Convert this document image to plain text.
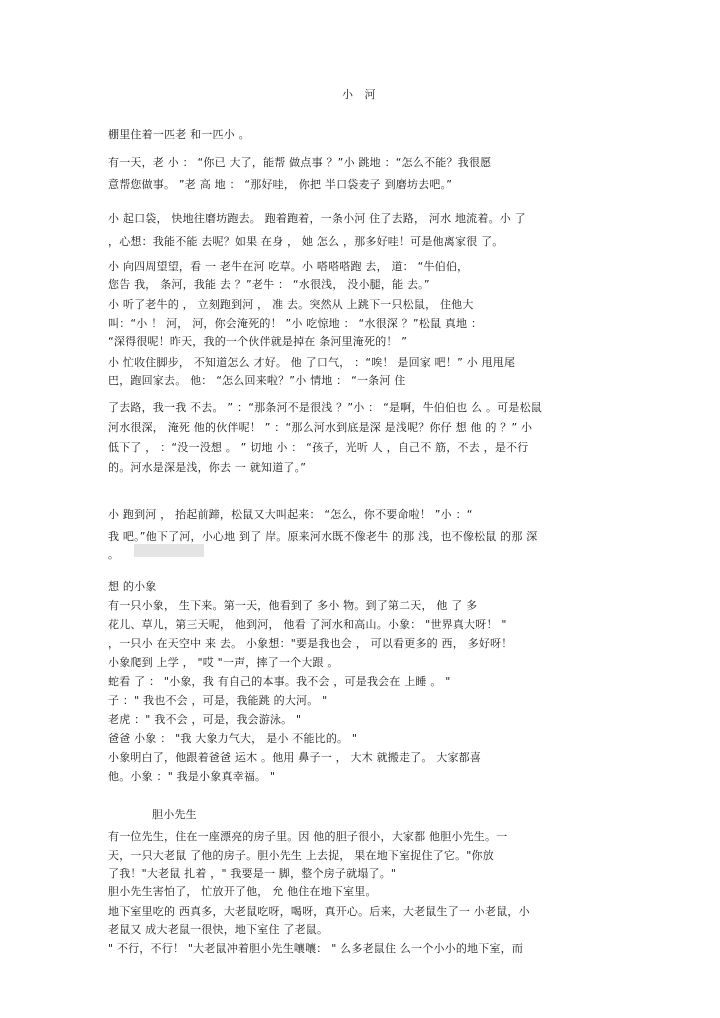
小 河
棚里住着一匹老 和一匹小 。
有一天，老 小 ： “你已 大了，能帮 做点事 ？”小 跳地 ：“怎么不能？我很愿
意帮您做事。 ”老 高 地 ： “那好哇， 你把 半口袋麦子 到磨坊去吧。”
小 起口袋， 快地往磨坊跑去。 跑着跑着，一条小河 住了去路， 河水 地流着。小 了
，心想：我能不能 去呢？如果 在身 ， 她 怎么 ，那多好哇！可是他离家很 了。
小 向四周望望，看 一 老牛在河 吃草。小 嗒嗒嗒跑 去， 道： “牛伯伯，
您告 我， 条河，我能 去 ？”老牛 ： “水很浅， 没小腿，能 去。”
小 听了老牛的 ， 立刻跑到河 ， 准 去。突然从 上跳下一只松鼠， 住他大
叫：“小 ！ 河， 河，你会淹死的！ ”小 吃惊地 ： “水很深 ？”松鼠 真地 ：
“深得很呢！昨天，我的一个伙伴就是掉在 条河里淹死的！ ”
小 忙收住脚步， 不知道怎么 才好。 他 了口气， ：“唉！ 是回家 吧！” 小 甩甩尾
巴，跑回家去。 他： “怎么回来啦？”小 情地 ： “一条河 住
了去路，我一我 不去。 ” ：“那条河不是很浅 ？”小 ： “是啊，牛伯伯也 么 。可是松鼠
河水很深， 淹死 他的伙伴呢！ ” ：“那么河水到底是深 是浅呢？你仔 想 他 的 ？” 小
低下了 ， ：“没一没想 。 ” 切地 小 ： “孩子，光听 人 ，自己不 筋，不去 ，是不行
的。河水是深是浅，你去 一 就知道了。”
小 跑到河 ， 抬起前蹄，松鼠又大叫起来： “怎么，你不要命啦！ ”小 ：“
我 吧。”他下了河，小心地 到了 岸。原来河水既不像老牛 的那 浅，也不像松鼠 的那 深
。
想 的小象
有一只小象， 生下来。第一天，他看到了 多小 物。到了第二天， 他 了 多
花儿、草儿，第三天呢， 他到河， 他看 了河水和高山。小象： "世界真大呀！ "
，一只小 在天空中 来 去。 小象想："要是我也会 ， 可以看更多的 西， 多好呀！
小象爬到 上学 ， "哎 "一声，摔了一个大跟 。
蛇看 了 ： "小象，我 有自己的本事。我不会 ，可是我会在 上睡 。 "
子 ：" 我也不会 ，可是，我能跳 的大河。 "
老虎 ：" 我不会 ，可是，我会游泳。 "
爸爸 小象 ： "我 大象力气大， 是小 不能比的。 "
小象明白了，他跟着爸爸 运木 。他用 鼻子一 ， 大木 就搬走了。 大家都喜
他。小象 ：" 我是小象真幸福。 "
胆小先生
有一位先生，住在一座漂亮的房子里。因 他的胆子很小，大家都 他胆小先生。一
天，一只大老鼠 了他的房子。胆小先生 上去捉， 果在地下室捉住了它。"你放
了我！"大老鼠 扎着 ，" 我要是一 脚，整个房子就塌了。"
胆小先生害怕了， 忙放开了他， 允 他住在地下室里。
地下室里吃的 西真多，大老鼠吃呀，喝呀，真开心。后来，大老鼠生了一 小老鼠，小
老鼠又 成大老鼠一很快，地下室住 了老鼠。
" 不行，不行！ "大老鼠冲着胆小先生嚷嚷： " 么多老鼠住 么一个小小的地下室，而
